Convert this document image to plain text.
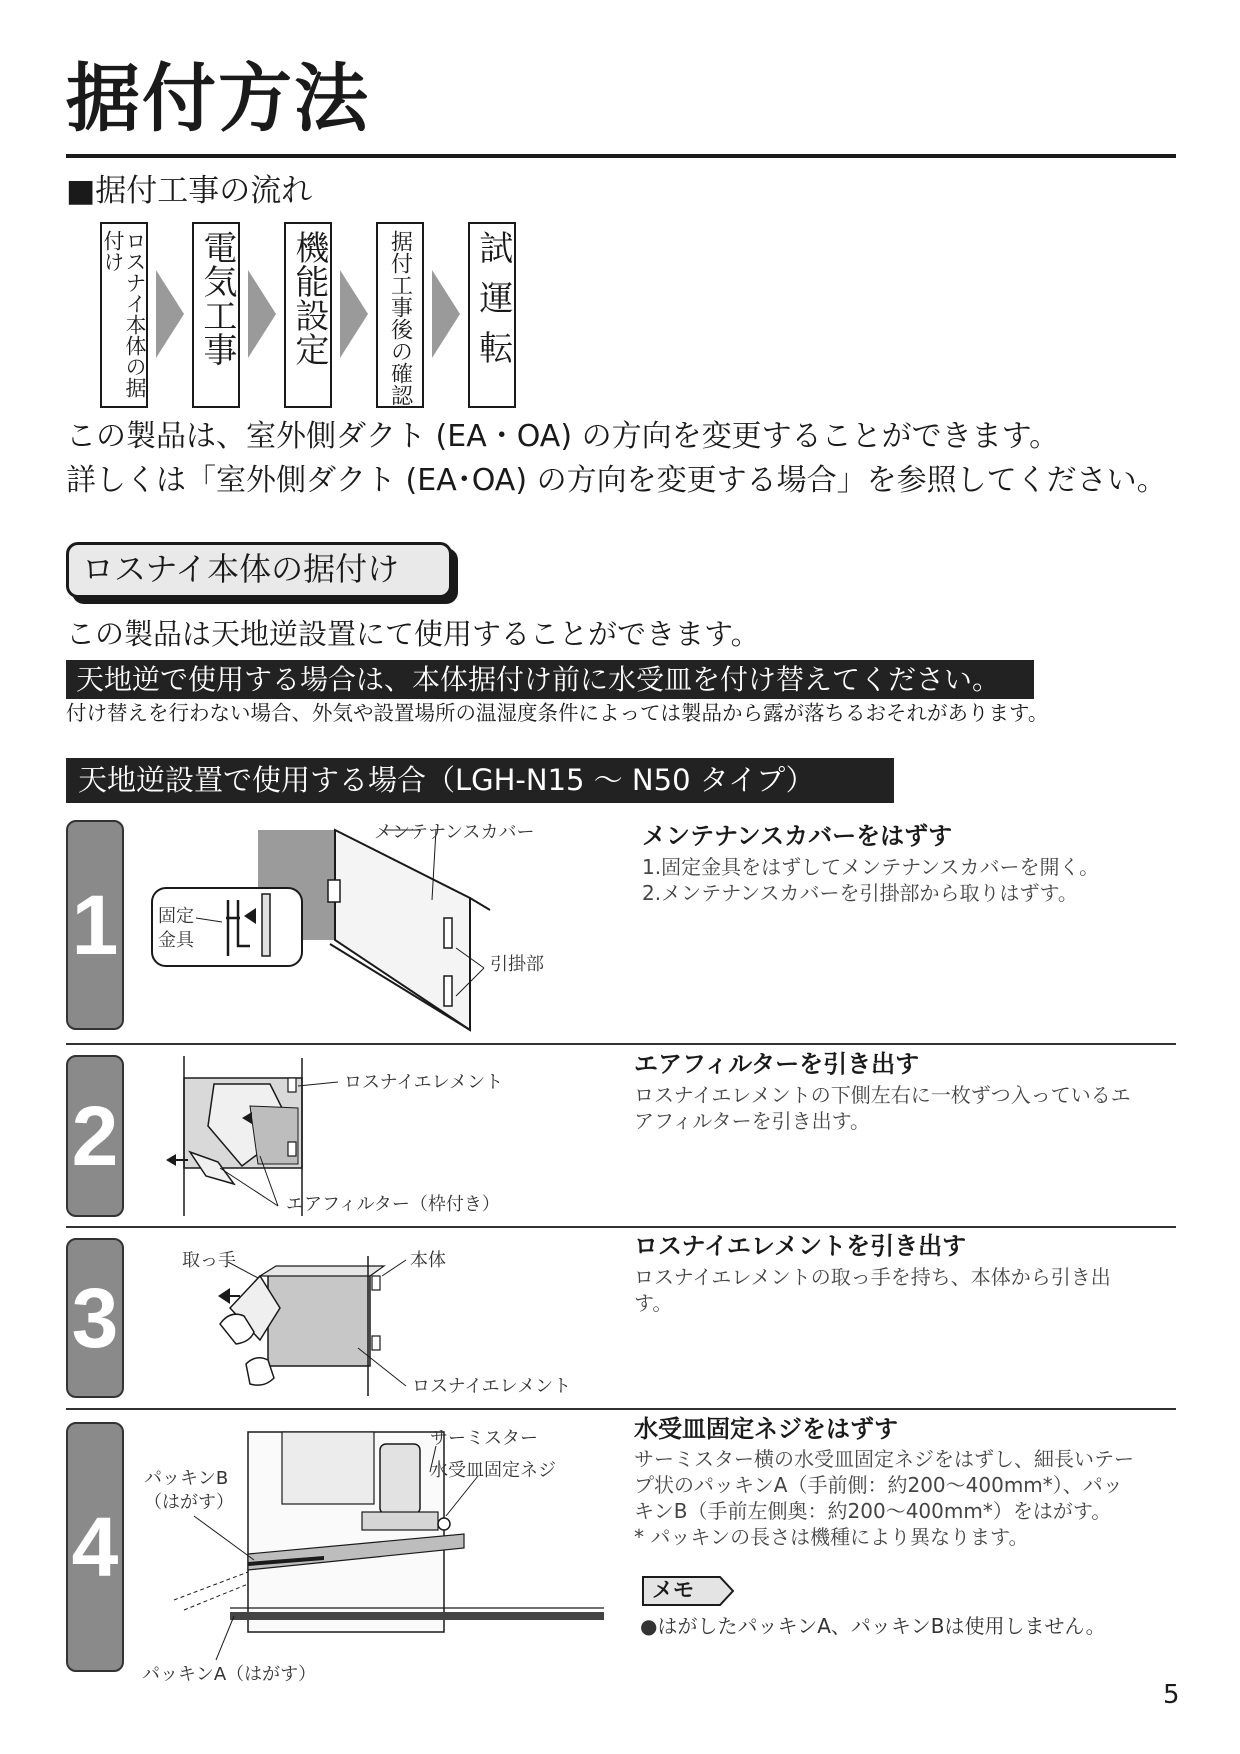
据付方法
■据付工事の流れ
ロスナイ本体の据付け	電気工事 機能設定	据付工事後の確認 試運転
この製品は、室外側ダクト (EA・OA) の方向を変更することができます。
詳しくは「室外側ダクト (EA･OA) の方向を変更する場合」を参照してください。
ロスナイ本体の据付け
この製品は天地逆設置にて使用することができます。
天地逆で使用する場合は、本体据付け前に水受皿を付け替えてください。
付け替えを行わない場合、外気や設置場所の温湿度条件によっては製品から露が落ちるおそれがあります。
天地逆設置で使用する場合（LGH-N15 ～ N50 タイプ）
1
2
3
4
メンテナンスカバーをはずす
1.固定金具をはずしてメンテナンスカバーを開く。
2.メンテナンスカバーを引掛部から取りはずす。
エアフィルターを引き出す
ロスナイエレメントの下側左右に一枚ずつ入っているエ
アフィルターを引き出す。
ロスナイエレメントを引き出す
ロスナイエレメントの取っ手を持ち、本体から引き出
す。
水受皿固定ネジをはずす
サーミスター横の水受皿固定ネジをはずし、細長いテー
プ状のパッキンA（手前側：約200～400mm*）、パッ
キンB（手前左側奥：約200～400mm*）をはがす。
* パッキンの長さは機種により異なります。
メモ
●はがしたパッキンA、パッキンBは使用しません。
メンテナンスカバー
引掛部
固定
金具
ロスナイエレメント
エアフィルター（枠付き）
取っ手	本体
ロスナイエレメント
サーミスター
水受皿固定ネジ
パッキンB
（はがす）
パッキンA（はがす）
5
